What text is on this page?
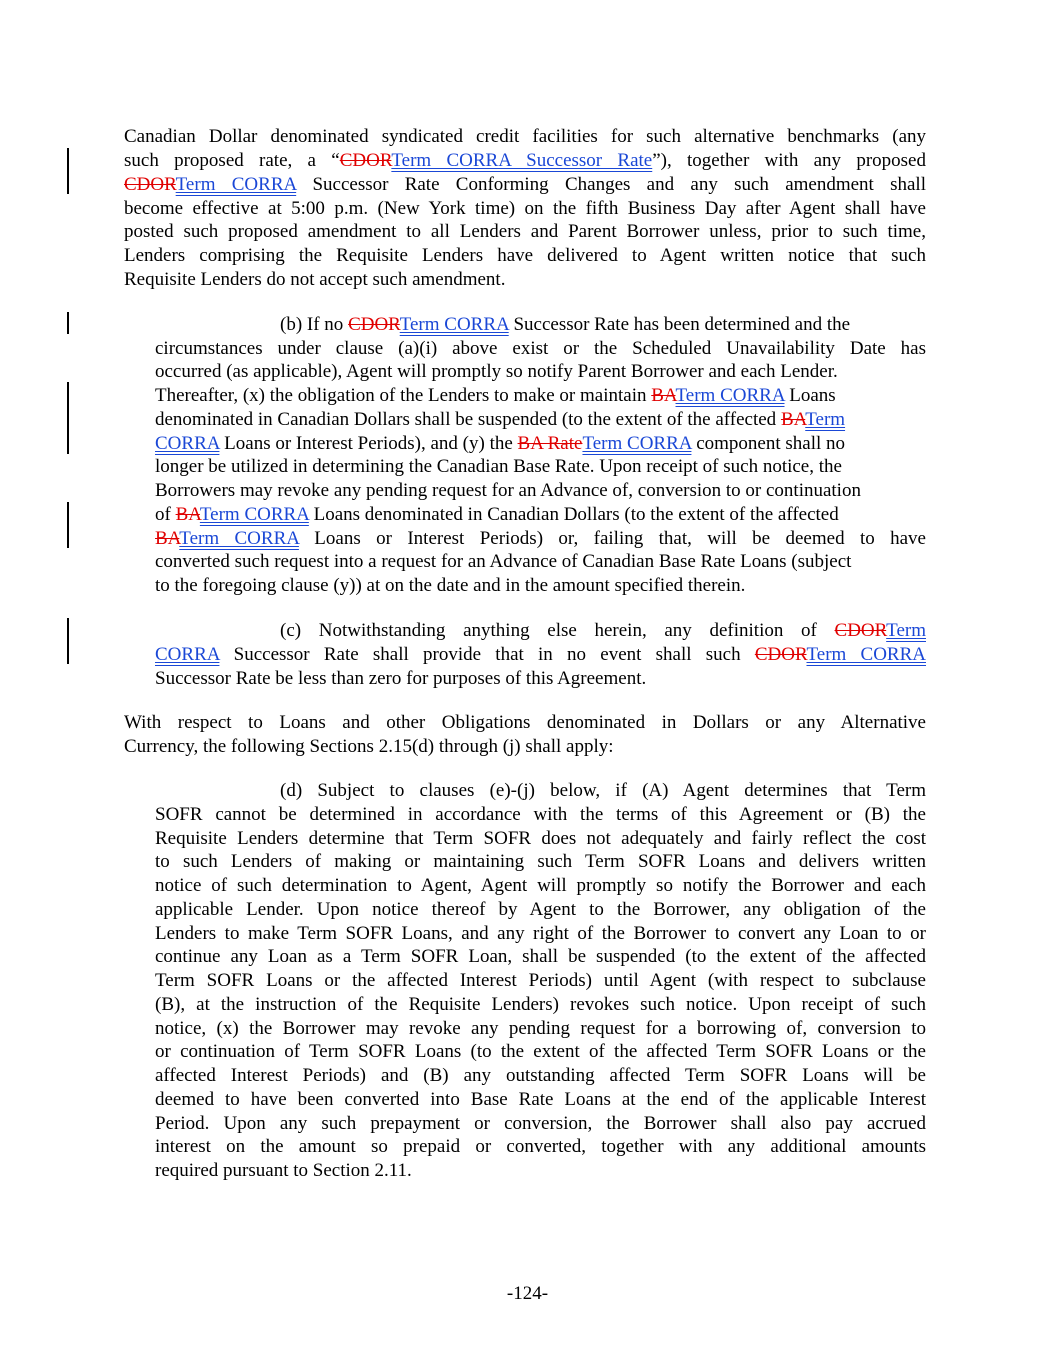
Canadian Dollar denominated syndicated credit facilities for such alternative benchmarks (any
such proposed rate, a “CDORTerm CORRA Successor Rate”), together with any proposed
CDORTerm CORRA Successor Rate Conforming Changes and any such amendment shall
become effective at 5:00 p.m. (New York time) on the fifth Business Day after Agent shall have
posted such proposed amendment to all Lenders and Parent Borrower unless, prior to such time,
Lenders comprising the Requisite Lenders have delivered to Agent written notice that such
Requisite Lenders do not accept such amendment.
(b) If no CDORTerm CORRA Successor Rate has been determined and the
circumstances under clause (a)(i) above exist or the Scheduled Unavailability Date has
occurred (as applicable), Agent will promptly so notify Parent Borrower and each Lender.
Thereafter, (x) the obligation of the Lenders to make or maintain BATerm CORRA Loans
denominated in Canadian Dollars shall be suspended (to the extent of the affected BATerm
CORRA Loans or Interest Periods), and (y) the BA RateTerm CORRA component shall no
longer be utilized in determining the Canadian Base Rate. Upon receipt of such notice, the
Borrowers may revoke any pending request for an Advance of, conversion to or continuation
of BATerm CORRA Loans denominated in Canadian Dollars (to the extent of the affected
BATerm CORRA Loans or Interest Periods) or, failing that, will be deemed to have
converted such request into a request for an Advance of Canadian Base Rate Loans (subject
to the foregoing clause (y)) at on the date and in the amount specified therein.
(c) Notwithstanding anything else herein, any definition of CDORTerm
CORRA Successor Rate shall provide that in no event shall such CDORTerm CORRA
Successor Rate be less than zero for purposes of this Agreement.
With respect to Loans and other Obligations denominated in Dollars or any Alternative
Currency, the following Sections 2.15(d) through (j) shall apply:
(d) Subject to clauses (e)-(j) below, if (A) Agent determines that Term
SOFR cannot be determined in accordance with the terms of this Agreement or (B) the
Requisite Lenders determine that Term SOFR does not adequately and fairly reflect the cost
to such Lenders of making or maintaining such Term SOFR Loans and delivers written
notice of such determination to Agent, Agent will promptly so notify the Borrower and each
applicable Lender. Upon notice thereof by Agent to the Borrower, any obligation of the
Lenders to make Term SOFR Loans, and any right of the Borrower to convert any Loan to or
continue any Loan as a Term SOFR Loan, shall be suspended (to the extent of the affected
Term SOFR Loans or the affected Interest Periods) until Agent (with respect to subclause
(B), at the instruction of the Requisite Lenders) revokes such notice. Upon receipt of such
notice, (x) the Borrower may revoke any pending request for a borrowing of, conversion to
or continuation of Term SOFR Loans (to the extent of the affected Term SOFR Loans or the
affected Interest Periods) and (B) any outstanding affected Term SOFR Loans will be
deemed to have been converted into Base Rate Loans at the end of the applicable Interest
Period. Upon any such prepayment or conversion, the Borrower shall also pay accrued
interest on the amount so prepaid or converted, together with any additional amounts
required pursuant to Section 2.11.
-124-
